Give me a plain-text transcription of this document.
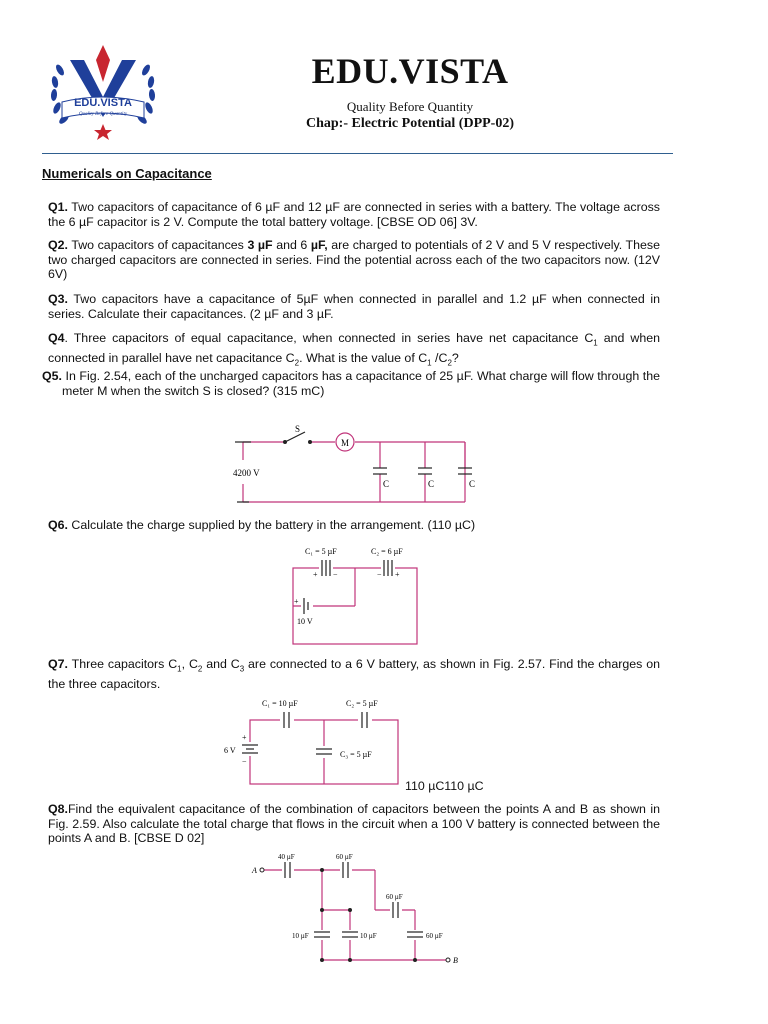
EDU.VISTA
Quality Before Quantity
EDU.VISTA
Quality Before Quantity
Chap:- Electric Potential (DPP-02)
Numericals on Capacitance
Q1. Two capacitors of capacitance of 6 µF and 12 µF are connected in series with a battery. The voltage across the 6 µF capacitor is 2 V. Compute the total battery voltage. [CBSE OD 06] 3V.
Q2. Two capacitors of capacitances 3 µF and 6 µF, are charged to potentials of 2 V and 5 V respectively. These two charged capacitors are connected in series. Find the potential across each of the two capacitors now. (12V 6V)
Q3. Two capacitors have a capacitance of 5µF when connected in parallel and 1.2 µF when connected in series. Calculate their capacitances. (2 µF and 3 µF.
Q4. Three capacitors of equal capacitance, when connected in series have net capacitance $C_1$ and when connected in parallel have net capacitance $C_2$. What is the value of $C_1$ $/C_2$?
Q5. In Fig. 2.54, each of the uncharged capacitors has a capacitance of 25 µF. What charge will flow through the meter M when the switch S is closed? (315 mC)
S
M
4200 V
C	C	C
Q6. Calculate the charge supplied by the battery in the arrangement. (110 µC)
C₁ = 5 µF	C₂ = 6 µF
+ −	− +
+
10 V
Q7. Three capacitors $C_1$, $C_2$ and $C_3$ are connected to a 6 V battery, as shown in Fig. 2.57. Find the charges on the three capacitors.
C₁ = 10 µF	C₂ = 5 µF
C₃ = 5 µF
6 V
+
−
110 µC110 µC
Q8.Find the equivalent capacitance of the combination of capacitors between the points A and B as shown in Fig. 2.59. Also calculate the total charge that flows in the circuit when a 100 V battery is connected between the points A and B. [CBSE D 02]
A
B
40 µF	60 µF
60 µF
10 µF	10 µF	60 µF
